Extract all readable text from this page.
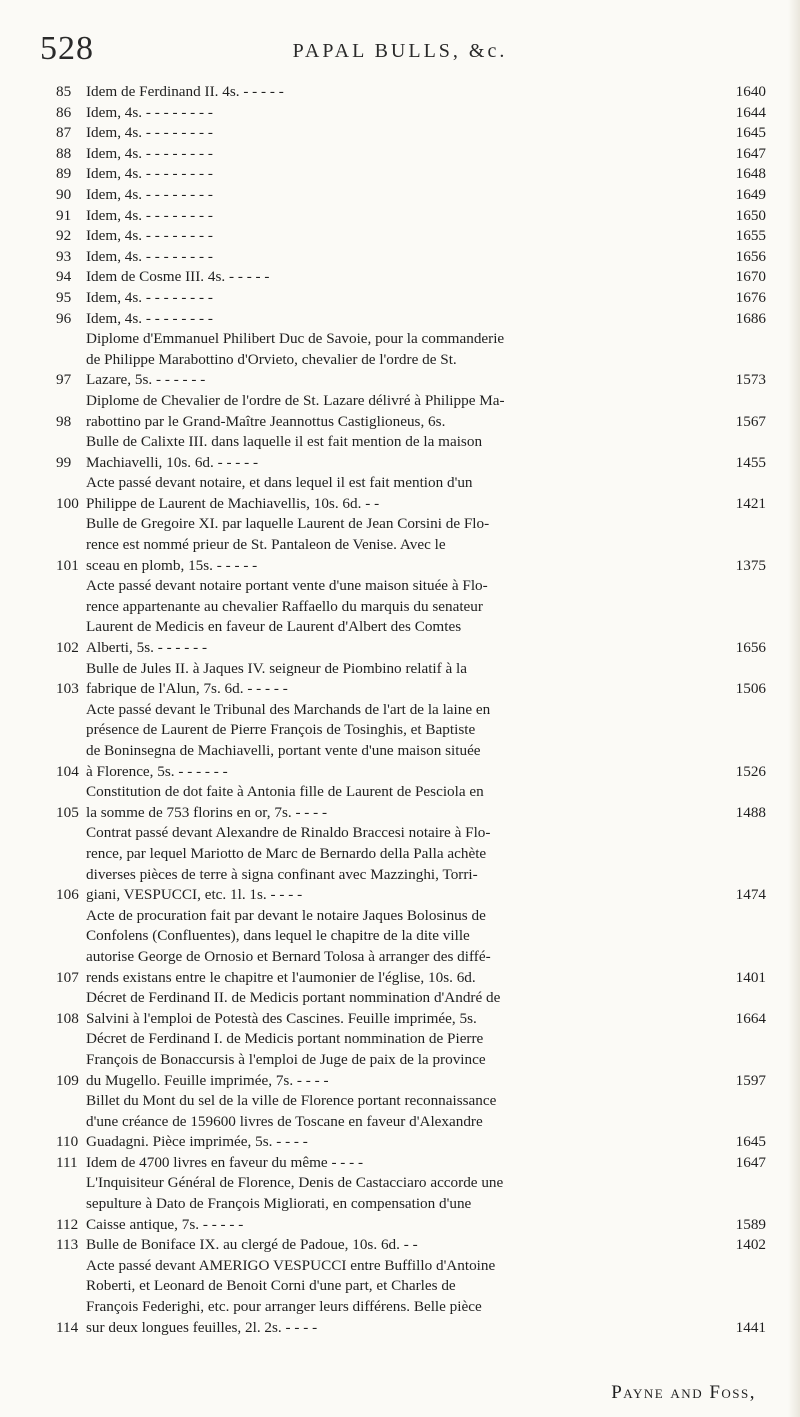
528	PAPAL BULLS, &c.
85 Idem de Ferdinand II. 4s. - - - - -	1640
86 Idem, 4s. - - - - - - - -	1644
87 Idem, 4s. - - - - - - - -	1645
88 Idem, 4s. - - - - - - - -	1647
89 Idem, 4s. - - - - - - - -	1648
90 Idem, 4s. - - - - - - - -	1649
91 Idem, 4s. - - - - - - - -	1650
92 Idem, 4s. - - - - - - - -	1655
93 Idem, 4s. - - - - - - - -	1656
94 Idem de Cosme III. 4s. - - - - -	1670
95 Idem, 4s. - - - - - - - -	1676
96 Idem, 4s. - - - - - - - -	1686
97
Diplome d'Emmanuel Philibert Duc de Savoie, pour la commanderie
de Philippe Marabottino d'Orvieto, chevalier de l'ordre de St.
Lazare, 5s. - - - - - -	1573
98
Diplome de Chevalier de l'ordre de St. Lazare délivré à Philippe Ma-
rabottino par le Grand-Maître Jeannottus Castiglioneus, 6s.	1567
99
Bulle de Calixte III. dans laquelle il est fait mention de la maison
Machiavelli, 10s. 6d. - - - - -	1455
100
Acte passé devant notaire, et dans lequel il est fait mention d'un
Philippe de Laurent de Machiavellis, 10s. 6d. - -	1421
101
Bulle de Gregoire XI. par laquelle Laurent de Jean Corsini de Flo-
rence est nommé prieur de St. Pantaleon de Venise. Avec le
sceau en plomb, 15s. - - - - -	1375
102
Acte passé devant notaire portant vente d'une maison située à Flo-
rence appartenante au chevalier Raffaello du marquis du senateur
Laurent de Medicis en faveur de Laurent d'Albert des Comtes
Alberti, 5s. - - - - - -	1656
103
Bulle de Jules II. à Jaques IV. seigneur de Piombino relatif à la
fabrique de l'Alun, 7s. 6d. - - - - -	1506
104
Acte passé devant le Tribunal des Marchands de l'art de la laine en
présence de Laurent de Pierre François de Tosinghis, et Baptiste
de Boninsegna de Machiavelli, portant vente d'une maison située
à Florence, 5s. - - - - - -	1526
105
Constitution de dot faite à Antonia fille de Laurent de Pesciola en
la somme de 753 florins en or, 7s. - - - -	1488
106
Contrat passé devant Alexandre de Rinaldo Braccesi notaire à Flo-
rence, par lequel Mariotto de Marc de Bernardo della Palla achète
diverses pièces de terre à signa confinant avec Mazzinghi, Torri-
giani, VESPUCCI, etc. 1l. 1s. - - - -	1474
107
Acte de procuration fait par devant le notaire Jaques Bolosinus de
Confolens (Confluentes), dans lequel le chapitre de la dite ville
autorise George de Ornosio et Bernard Tolosa à arranger des diffé-
rends existans entre le chapitre et l'aumonier de l'église, 10s. 6d.	1401
108
Décret de Ferdinand II. de Medicis portant nommination d'André de
Salvini à l'emploi de Potestà des Cascines. Feuille imprimée, 5s.	1664
109
Décret de Ferdinand I. de Medicis portant nommination de Pierre
François de Bonaccursis à l'emploi de Juge de paix de la province
du Mugello. Feuille imprimée, 7s. - - - -	1597
110
Billet du Mont du sel de la ville de Florence portant reconnaissance
d'une créance de 159600 livres de Toscane en faveur d'Alexandre
Guadagni. Pièce imprimée, 5s. - - - -	1645
111 Idem de 4700 livres en faveur du même - - - -	1647
112
L'Inquisiteur Général de Florence, Denis de Castacciaro accorde une
sepulture à Dato de François Migliorati, en compensation d'une
Caisse antique, 7s. - - - - -	1589
113 Bulle de Boniface IX. au clergé de Padoue, 10s. 6d. - -	1402
114
Acte passé devant AMERIGO VESPUCCI entre Buffillo d'Antoine
Roberti, et Leonard de Benoit Corni d'une part, et Charles de
François Federighi, etc. pour arranger leurs différens. Belle pièce
sur deux longues feuilles, 2l. 2s. - - - -	1441
Payne and Foss,
